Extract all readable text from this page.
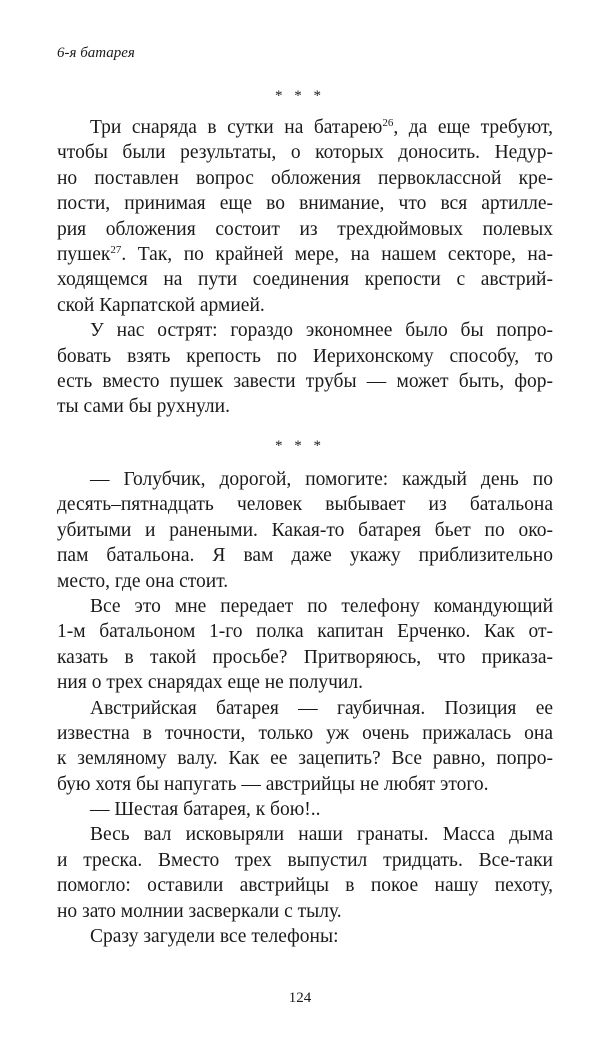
6-я батарея
* * *
Три снаряда в сутки на батарею$^{26}$, да еще требуют,
чтобы были результаты, о которых доносить. Недур-
но поставлен вопрос обложения первоклассной кре-
пости, принимая еще во внимание, что вся артилле-
рия обложения состоит из трехдюймовых полевых
пушек$^{27}$. Так, по крайней мере, на нашем секторе, на-
ходящемся на пути соединения крепости с австрий-
ской Карпатской армией.
У нас острят: гораздо экономнее было бы попро-
бовать взять крепость по Иерихонскому способу, то
есть вместо пушек завести трубы — может быть, фор-
ты сами бы рухнули.
* * *
— Голубчик, дорогой, помогите: каждый день по
десять–пятнадцать человек выбывает из батальона
убитыми и ранеными. Какая-то батарея бьет по око-
пам батальона. Я вам даже укажу приблизительно
место, где она стоит.
Все это мне передает по телефону командующий
1-м батальоном 1-го полка капитан Ерченко. Как от-
казать в такой просьбе? Притворяюсь, что приказа-
ния о трех снарядах еще не получил.
Австрийская батарея — гаубичная. Позиция ее
известна в точности, только уж очень прижалась она
к земляному валу. Как ее зацепить? Все равно, попро-
бую хотя бы напугать — австрийцы не любят этого.
— Шестая батарея, к бою!..
Весь вал исковыряли наши гранаты. Масса дыма
и треска. Вместо трех выпустил тридцать. Все-таки
помогло: оставили австрийцы в покое нашу пехоту,
но зато молнии засверкали с тылу.
Сразу загудели все телефоны:
124
